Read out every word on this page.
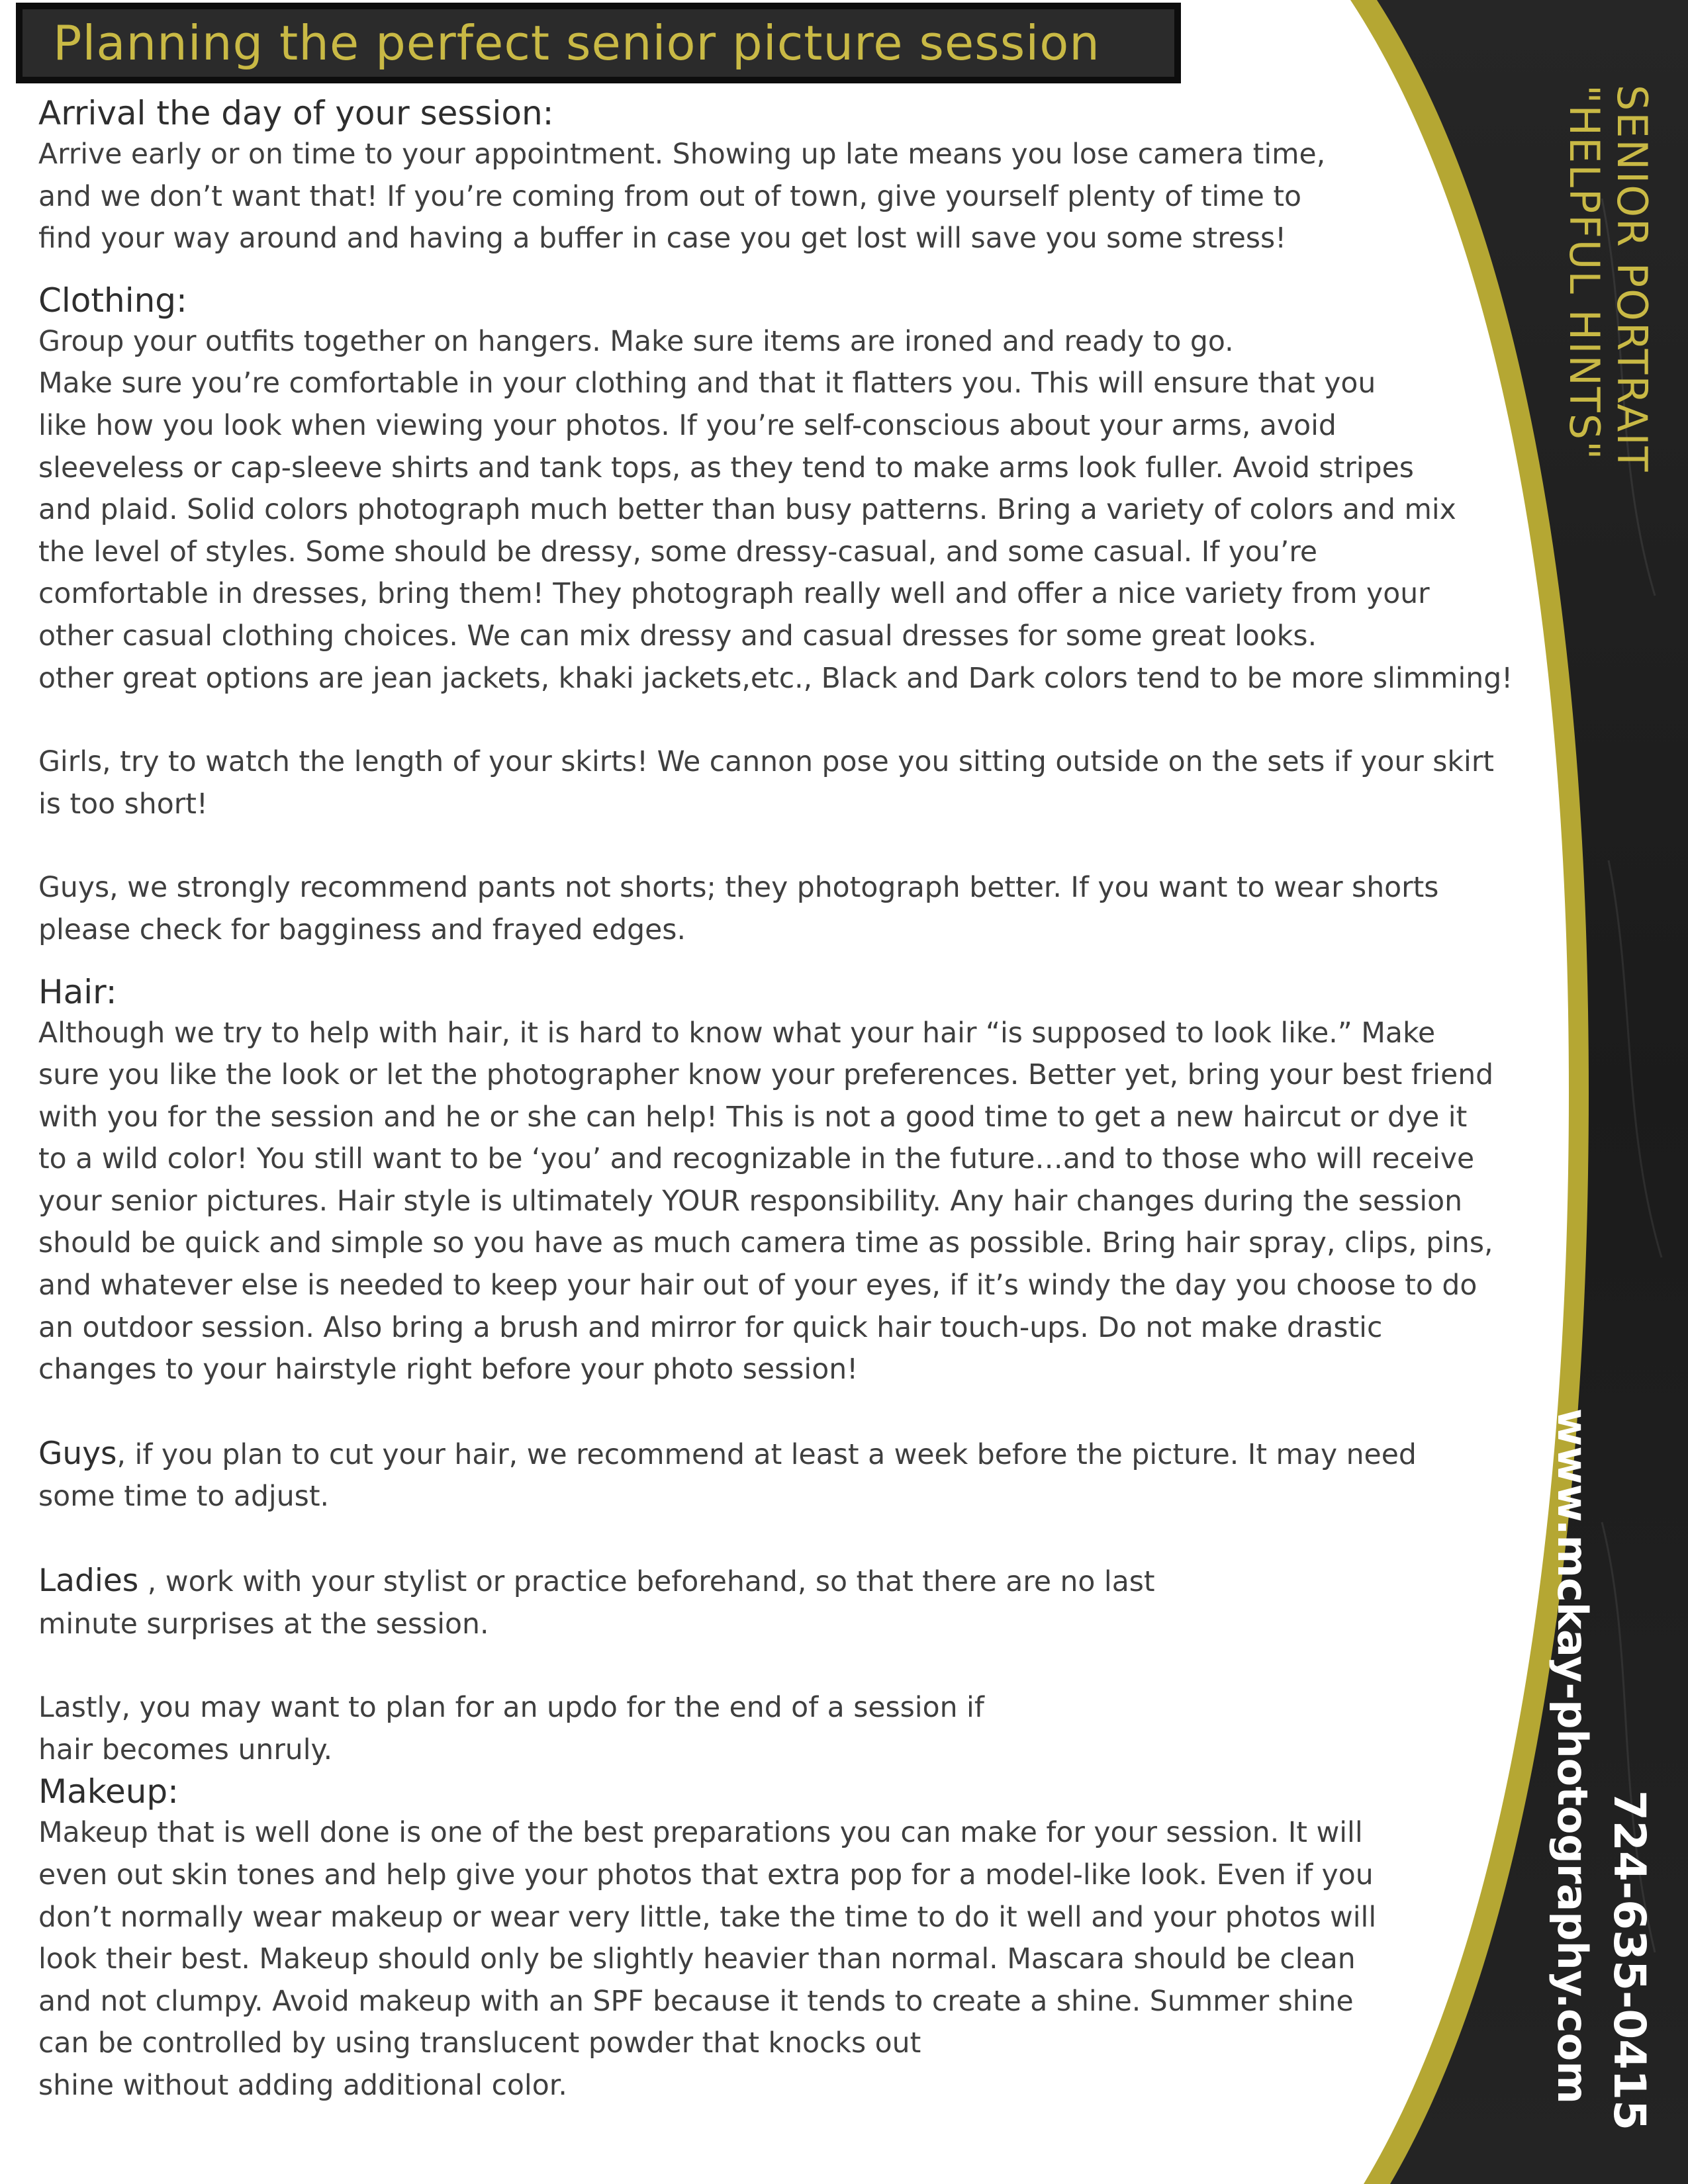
Planning the perfect senior picture session
SENIOR PORTRAIT
"HELPFUL HINTS"
www.mckay-photography.com 724-635-0415
Arrival the day of your session:
Arrive early or on time to your appointment. Showing up late means you lose camera time,
and we don’t want that! If you’re coming from out of town, give yourself plenty of time to
find your way around and having a buffer in case you get lost will save you some stress!
Clothing:
Group your outfits together on hangers. Make sure items are ironed and ready to go.
Make sure you’re comfortable in your clothing and that it flatters you. This will ensure that you
like how you look when viewing your photos. If you’re self-conscious about your arms, avoid
sleeveless or cap-sleeve shirts and tank tops, as they tend to make arms look fuller. Avoid stripes
and plaid. Solid colors photograph much better than busy patterns. Bring a variety of colors and mix
the level of styles. Some should be dressy, some dressy-casual, and some casual. If you’re
comfortable in dresses, bring them! They photograph really well and offer a nice variety from your
other casual clothing choices. We can mix dressy and casual dresses for some great looks.
other great options are jean jackets, khaki jackets,etc., Black and Dark colors tend to be more slimming!
Girls, try to watch the length of your skirts! We cannon pose you sitting outside on the sets if your skirt
is too short!
Guys, we strongly recommend pants not shorts; they photograph better. If you want to wear shorts
please check for bagginess and frayed edges.
Hair:
Although we try to help with hair, it is hard to know what your hair “is supposed to look like.” Make
sure you like the look or let the photographer know your preferences. Better yet, bring your best friend
with you for the session and he or she can help! This is not a good time to get a new haircut or dye it
to a wild color! You still want to be ‘you’ and recognizable in the future…and to those who will receive
your senior pictures. Hair style is ultimately YOUR responsibility. Any hair changes during the session
should be quick and simple so you have as much camera time as possible. Bring hair spray, clips, pins,
and whatever else is needed to keep your hair out of your eyes, if it’s windy the day you choose to do
an outdoor session. Also bring a brush and mirror for quick hair touch-ups. Do not make drastic
changes to your hairstyle right before your photo session!
Guys, if you plan to cut your hair, we recommend at least a week before the picture. It may need
some time to adjust.
Ladies , work with your stylist or practice beforehand, so that there are no last
minute surprises at the session.
Lastly, you may want to plan for an updo for the end of a session if
hair becomes unruly.
Makeup:
Makeup that is well done is one of the best preparations you can make for your session. It will
even out skin tones and help give your photos that extra pop for a model-like look. Even if you
don’t normally wear makeup or wear very little, take the time to do it well and your photos will
look their best. Makeup should only be slightly heavier than normal. Mascara should be clean
and not clumpy. Avoid makeup with an SPF because it tends to create a shine. Summer shine
can be controlled by using translucent powder that knocks out
shine without adding additional color.
